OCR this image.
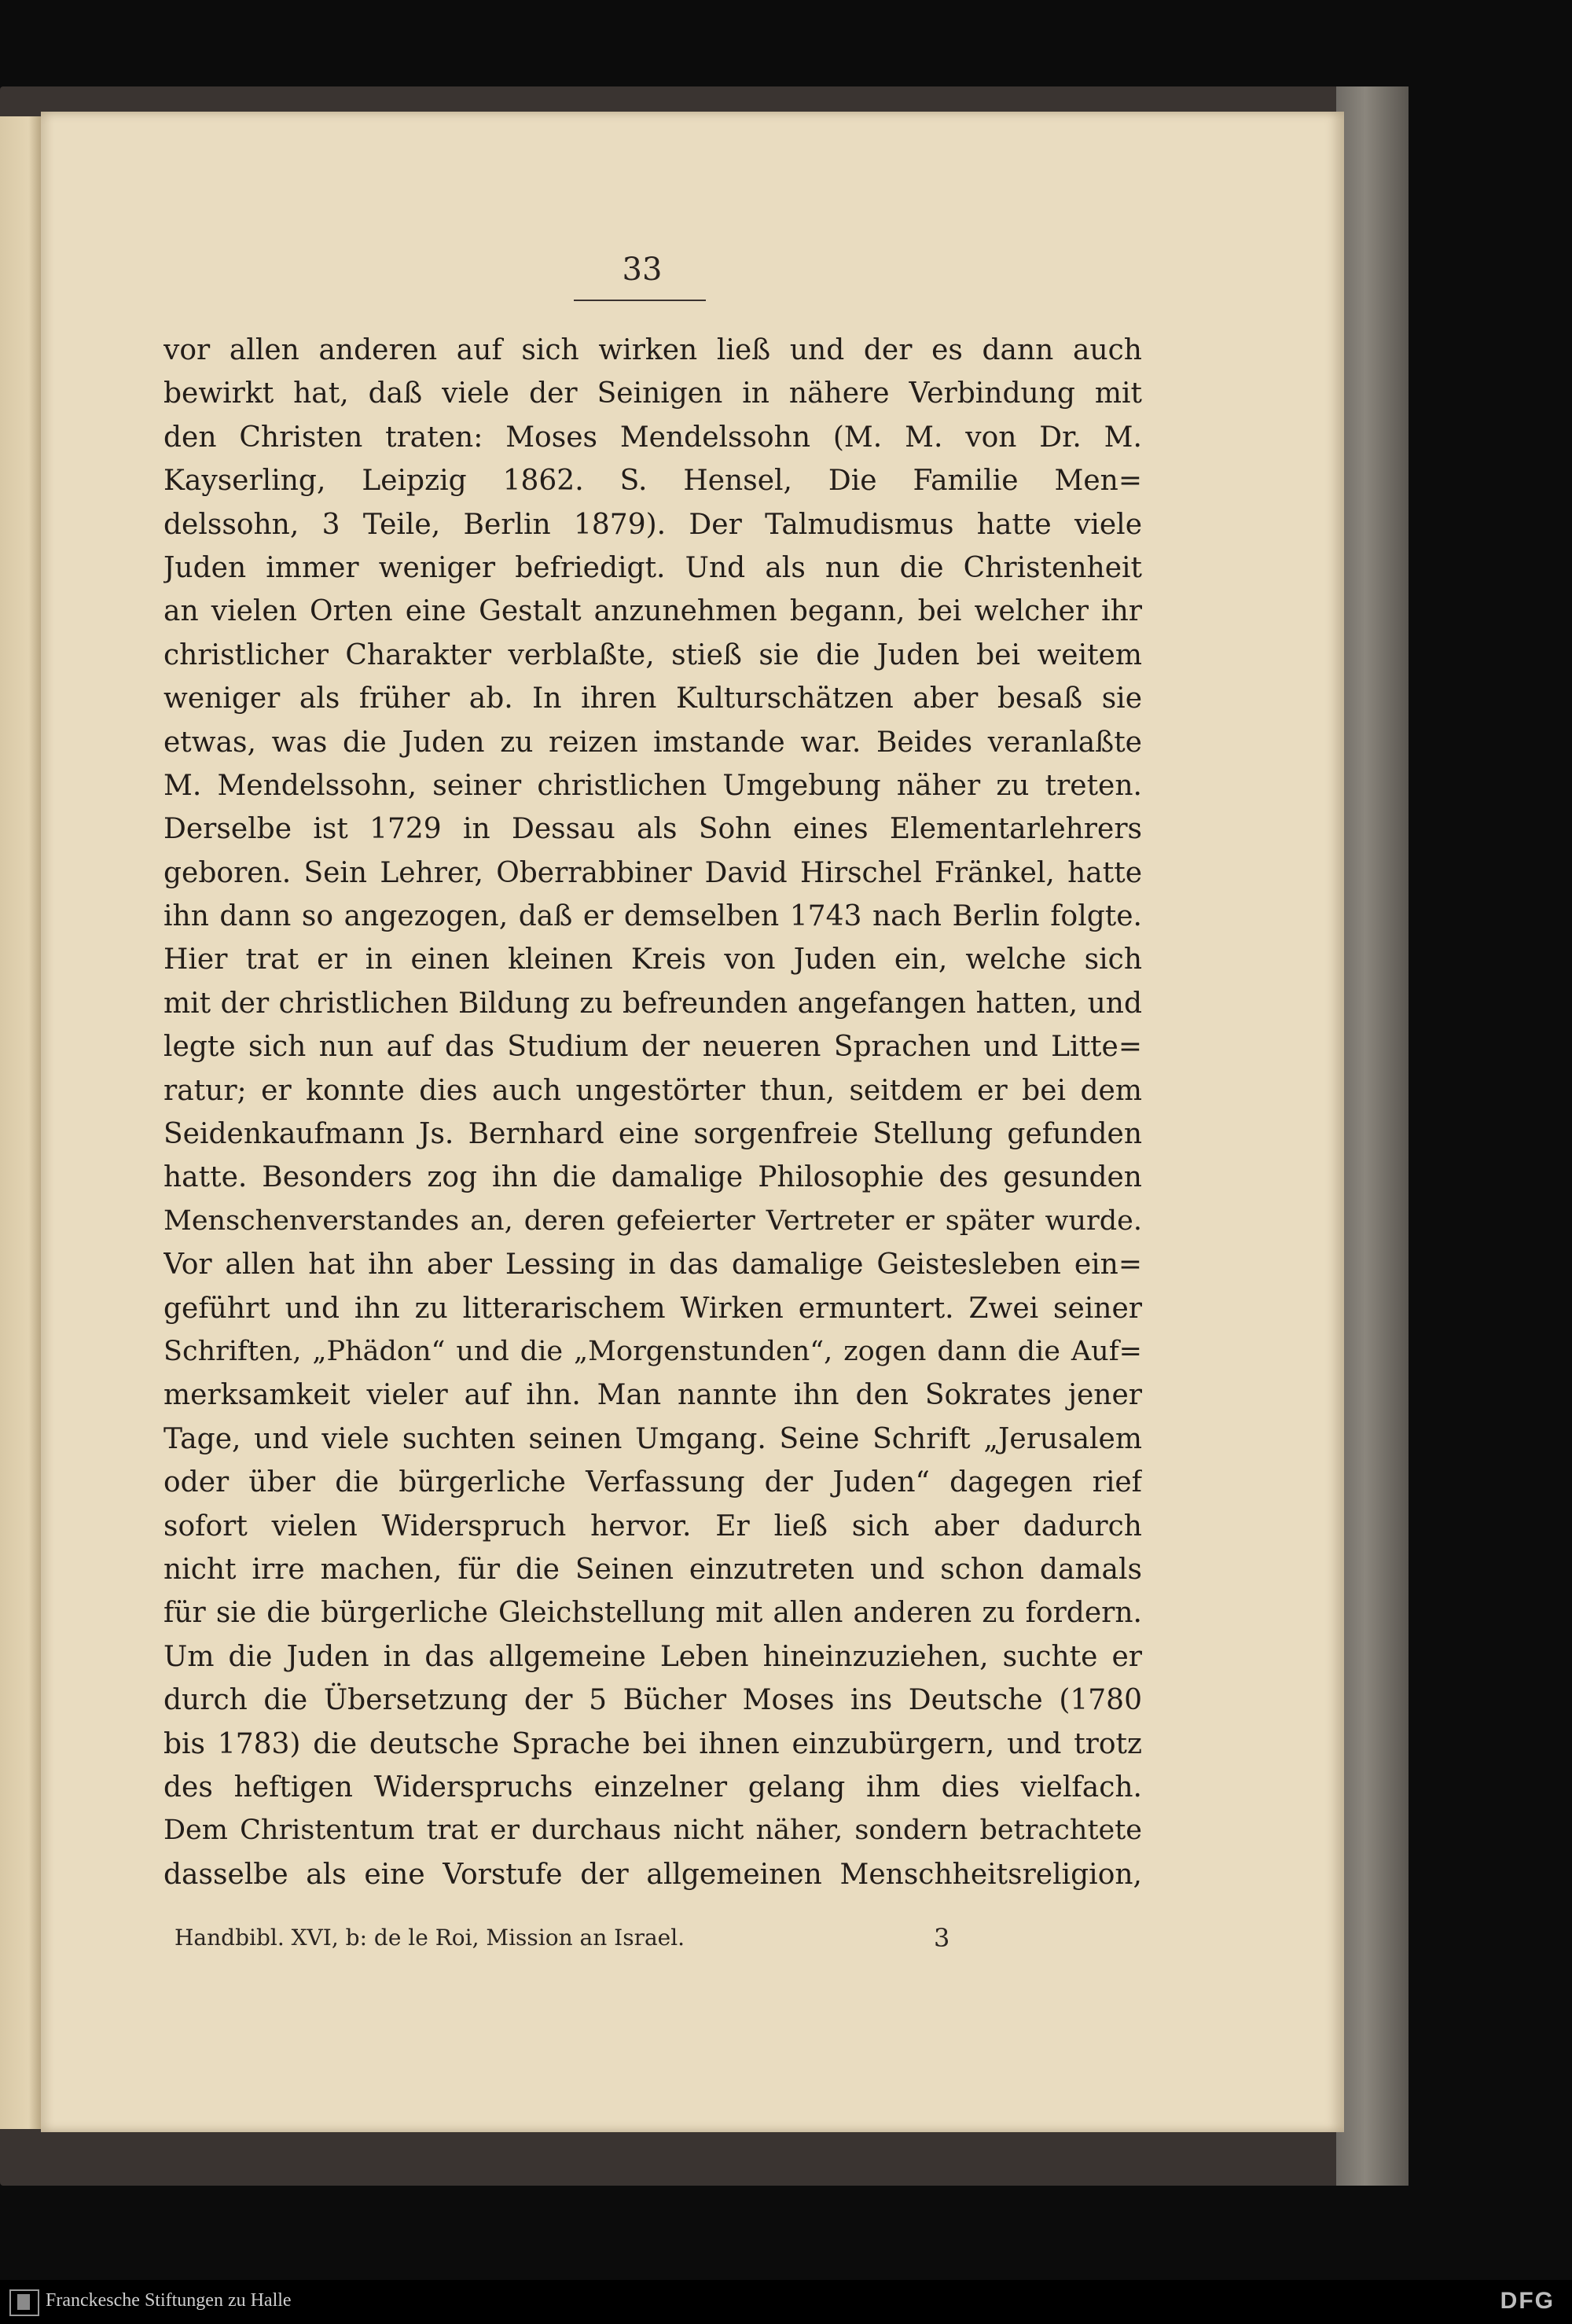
33
vor allen anderen auf sich wirken ließ und der es dann auch
bewirkt hat, daß viele der Seinigen in nähere Verbindung mit
den Christen traten: Moses Mendelssohn (M. M. von Dr. M.
Kayserling, Leipzig 1862. S. Hensel, Die Familie Men=
delssohn, 3 Teile, Berlin 1879). Der Talmudismus hatte viele
Juden immer weniger befriedigt. Und als nun die Christenheit
an vielen Orten eine Gestalt anzunehmen begann, bei welcher ihr
christlicher Charakter verblaßte, stieß sie die Juden bei weitem
weniger als früher ab. In ihren Kulturschätzen aber besaß sie
etwas, was die Juden zu reizen imstande war. Beides veranlaßte
M. Mendelssohn, seiner christlichen Umgebung näher zu treten.
Derselbe ist 1729 in Dessau als Sohn eines Elementarlehrers
geboren. Sein Lehrer, Oberrabbiner David Hirschel Fränkel, hatte
ihn dann so angezogen, daß er demselben 1743 nach Berlin folgte.
Hier trat er in einen kleinen Kreis von Juden ein, welche sich
mit der christlichen Bildung zu befreunden angefangen hatten, und
legte sich nun auf das Studium der neueren Sprachen und Litte=
ratur; er konnte dies auch ungestörter thun, seitdem er bei dem
Seidenkaufmann Js. Bernhard eine sorgenfreie Stellung gefunden
hatte. Besonders zog ihn die damalige Philosophie des gesunden
Menschenverstandes an, deren gefeierter Vertreter er später wurde.
Vor allen hat ihn aber Lessing in das damalige Geistesleben ein=
geführt und ihn zu litterarischem Wirken ermuntert. Zwei seiner
Schriften, „Phädon“ und die „Morgenstunden“, zogen dann die Auf=
merksamkeit vieler auf ihn. Man nannte ihn den Sokrates jener
Tage, und viele suchten seinen Umgang. Seine Schrift „Jerusalem
oder über die bürgerliche Verfassung der Juden“ dagegen rief
sofort vielen Widerspruch hervor. Er ließ sich aber dadurch
nicht irre machen, für die Seinen einzutreten und schon damals
für sie die bürgerliche Gleichstellung mit allen anderen zu fordern.
Um die Juden in das allgemeine Leben hineinzuziehen, suchte er
durch die Übersetzung der 5 Bücher Moses ins Deutsche (1780
bis 1783) die deutsche Sprache bei ihnen einzubürgern, und trotz
des heftigen Widerspruchs einzelner gelang ihm dies vielfach.
Dem Christentum trat er durchaus nicht näher, sondern betrachtete
dasselbe als eine Vorstufe der allgemeinen Menschheitsreligion,
Handbibl. XVI, b: de le Roi, Mission an Israel.	3
Franckesche Stiftungen zu Halle	DFG
